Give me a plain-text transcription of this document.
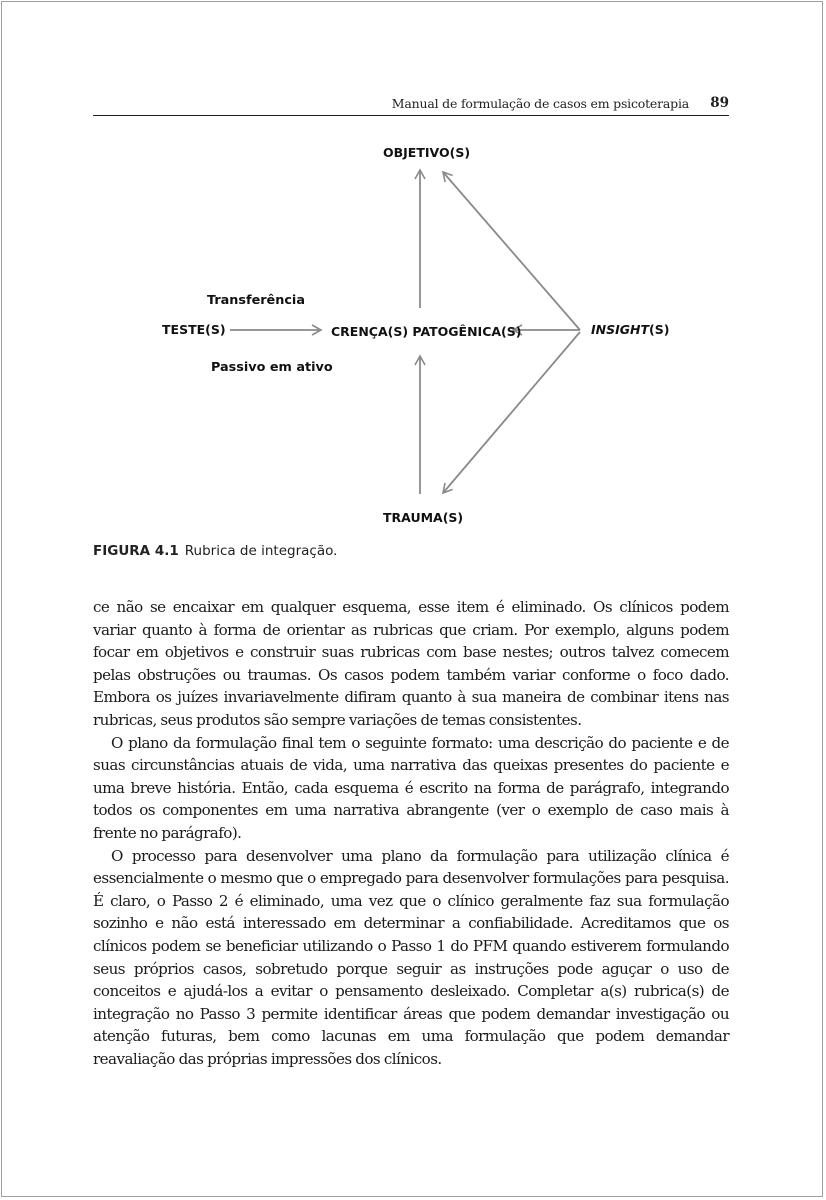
Manual de formulação de casos em psicoterapia 89
OBJETIVO(S)
Transferência
TESTE(S)	CRENÇA(S) PATOGÊNICA(S)	INSIGHT(S)
Passivo em ativo
TRAUMA(S)
FIGURA 4.1 Rubrica de integração.

ce não se encaixar em qualquer esquema, esse item é eliminado. Os clínicos podem variar quanto à forma de orientar as rubricas que criam. Por exemplo, alguns podem focar em objetivos e construir suas rubricas com base nestes; outros talvez comecem pelas obstruções ou traumas. Os casos podem também variar conforme o foco dado. Embora os juízes invariavelmente difiram quanto à sua maneira de combinar itens nas rubricas, seus produtos são sempre variações de temas consistentes.

O plano da formulação final tem o seguinte formato: uma descrição do paciente e de suas circunstâncias atuais de vida, uma narrativa das queixas presentes do paciente e uma breve história. Então, cada esquema é escrito na forma de parágrafo, integrando todos os componentes em uma narrativa abrangente (ver o exemplo de caso mais à frente no parágrafo).

O processo para desenvolver uma plano da formulação para utilização clínica é essencialmente o mesmo que o empregado para desenvolver formulações para pesquisa. É claro, o Passo 2 é eliminado, uma vez que o clínico geralmente faz sua formulação sozinho e não está interessado em determinar a confiabilidade. Acreditamos que os clínicos podem se beneficiar utilizando o Passo 1 do PFM quando estiverem formulando seus próprios casos, sobretudo porque seguir as instruções pode aguçar o uso de conceitos e ajudá-los a evitar o pensamento desleixado. Completar a(s) rubrica(s) de integração no Passo 3 permite identificar áreas que podem demandar investigação ou atenção futuras, bem como lacunas em uma formulação que podem demandar reavaliação das próprias impressões dos clínicos.
